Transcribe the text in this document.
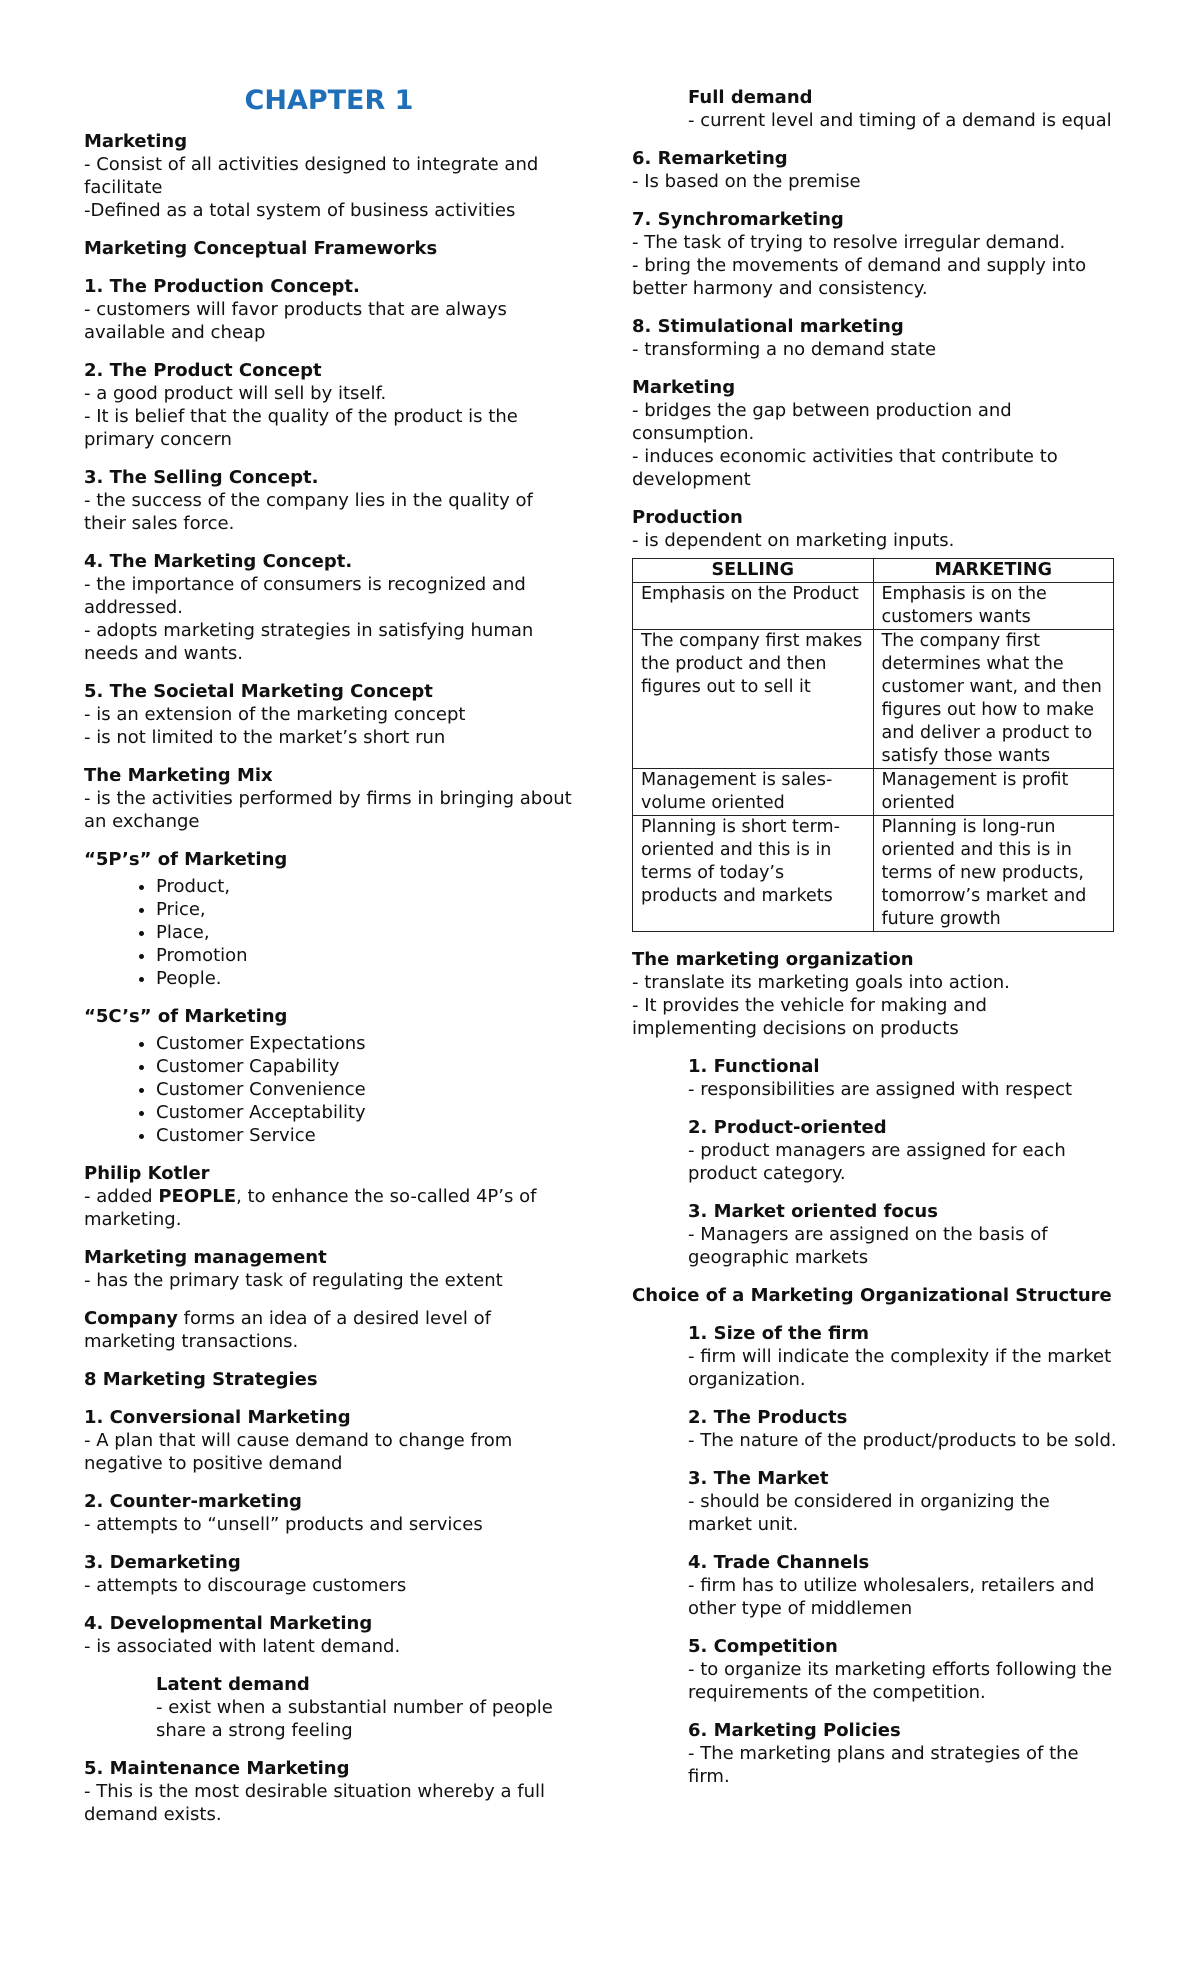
CHAPTER 1
Marketing
- Consist of all activities designed to integrate and facilitate
-Defined as a total system of business activities
Marketing Conceptual Frameworks
1. The Production Concept.
- customers will favor products that are always available and cheap
2. The Product Concept
- a good product will sell by itself.
- It is belief that the quality of the product is the primary concern
3. The Selling Concept.
- the success of the company lies in the quality of their sales force.
4. The Marketing Concept.
- the importance of consumers is recognized and addressed.
- adopts marketing strategies in satisfying human needs and wants.
5. The Societal Marketing Concept
- is an extension of the marketing concept
- is not limited to the market’s short run
The Marketing Mix
- is the activities performed by firms in bringing about an exchange
“5P’s” of Marketing
• Product,
• Price,
• Place,
• Promotion
• People.
“5C’s” of Marketing
• Customer Expectations
• Customer Capability
• Customer Convenience
• Customer Acceptability
• Customer Service
Philip Kotler
- added PEOPLE, to enhance the so-called 4P’s of marketing.
Marketing management
- has the primary task of regulating the extent
Company forms an idea of a desired level of marketing transactions.
8 Marketing Strategies
1. Conversional Marketing
- A plan that will cause demand to change from negative to positive demand
2. Counter-marketing
- attempts to “unsell” products and services
3. Demarketing
- attempts to discourage customers
4. Developmental Marketing
- is associated with latent demand.
Latent demand
- exist when a substantial number of people share a strong feeling
5. Maintenance Marketing
- This is the most desirable situation whereby a full demand exists.
Full demand
- current level and timing of a demand is equal
6. Remarketing
- Is based on the premise
7. Synchromarketing
- The task of trying to resolve irregular demand.
- bring the movements of demand and supply into better harmony and consistency.
8. Stimulational marketing
- transforming a no demand state
Marketing
- bridges the gap between production and consumption.
- induces economic activities that contribute to development
Production
- is dependent on marketing inputs.
SELLING	MARKETING
Emphasis on the Product	Emphasis is on the customers wants
The company first makes the product and then figures out to sell it	The company first determines what the customer want, and then figures out how to make and deliver a product to satisfy those wants
Management is sales-volume oriented	Management is profit oriented
Planning is short term-oriented and this is in terms of today’s products and markets	Planning is long-run oriented and this is in terms of new products, tomorrow’s market and future growth
The marketing organization
- translate its marketing goals into action.
- It provides the vehicle for making and implementing decisions on products
1. Functional
- responsibilities are assigned with respect
2. Product-oriented
- product managers are assigned for each product category.
3. Market oriented focus
- Managers are assigned on the basis of geographic markets
Choice of a Marketing Organizational Structure
1. Size of the firm
- firm will indicate the complexity if the market organization.
2. The Products
- The nature of the product/products to be sold.
3. The Market
- should be considered in organizing the market unit.
4. Trade Channels
- firm has to utilize wholesalers, retailers and other type of middlemen
5. Competition
- to organize its marketing efforts following the requirements of the competition.
6. Marketing Policies
- The marketing plans and strategies of the firm.
